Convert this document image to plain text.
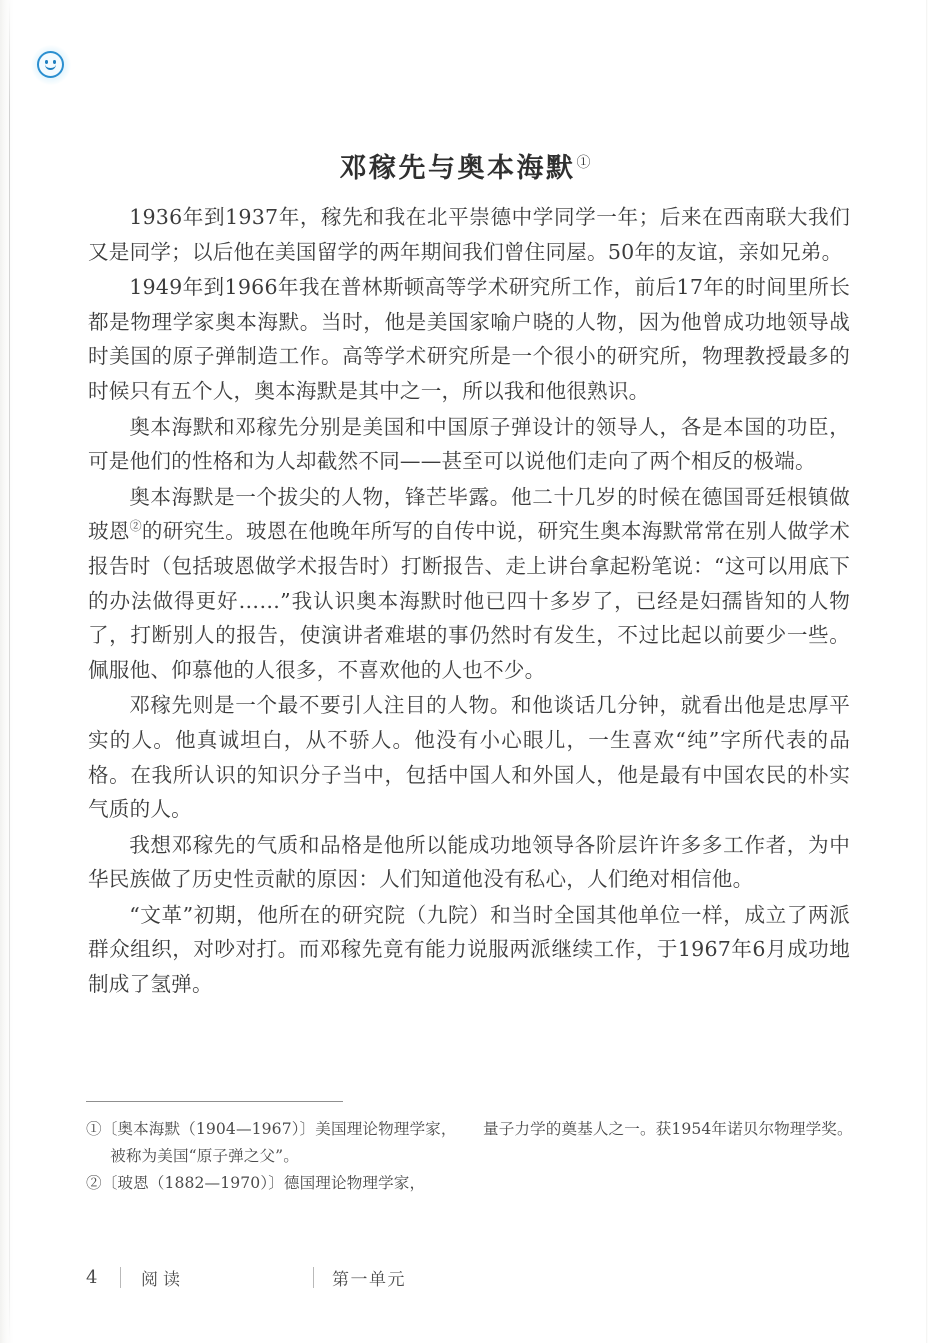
邓稼先与奥本海默①

1936年到1937年，稼先和我在北平崇德中学同学一年；后来在西南联大我们又是同学；以后他在美国留学的两年期间我们曾住同屋。50年的友谊，亲如兄弟。

1949年到1966年我在普林斯顿高等学术研究所工作，前后17年的时间里所长都是物理学家奥本海默。当时，他是美国家喻户晓的人物，因为他曾成功地领导战时美国的原子弹制造工作。高等学术研究所是一个很小的研究所，物理教授最多的时候只有五个人，奥本海默是其中之一，所以我和他很熟识。

奥本海默和邓稼先分别是美国和中国原子弹设计的领导人，各是本国的功臣，可是他们的性格和为人却截然不同——甚至可以说他们走向了两个相反的极端。

奥本海默是一个拔尖的人物，锋芒毕露。他二十几岁的时候在德国哥廷根镇做玻恩②的研究生。玻恩在他晚年所写的自传中说，研究生奥本海默常常在别人做学术报告时（包括玻恩做学术报告时）打断报告、走上讲台拿起粉笔说：“这可以用底下的办法做得更好……”我认识奥本海默时他已四十多岁了，已经是妇孺皆知的人物了，打断别人的报告，使演讲者难堪的事仍然时有发生，不过比起以前要少一些。佩服他、仰慕他的人很多，不喜欢他的人也不少。

邓稼先则是一个最不要引人注目的人物。和他谈话几分钟，就看出他是忠厚平实的人。他真诚坦白，从不骄人。他没有小心眼儿，一生喜欢“纯”字所代表的品格。在我所认识的知识分子当中，包括中国人和外国人，他是最有中国农民的朴实气质的人。

我想邓稼先的气质和品格是他所以能成功地领导各阶层许许多多工作者，为中华民族做了历史性贡献的原因：人们知道他没有私心，人们绝对相信他。

“文革”初期，他所在的研究院（九院）和当时全国其他单位一样，成立了两派群众组织，对吵对打。而邓稼先竟有能力说服两派继续工作，于1967年6月成功地制成了氢弹。

①〔奥本海默（1904—1967）〕美国理论物理学家，被称为美国“原子弹之父”。
②〔玻恩（1882—1970）〕德国理论物理学家，
量子力学的奠基人之一。获1954年诺贝尔物理学奖。
4	阅读	第一单元
